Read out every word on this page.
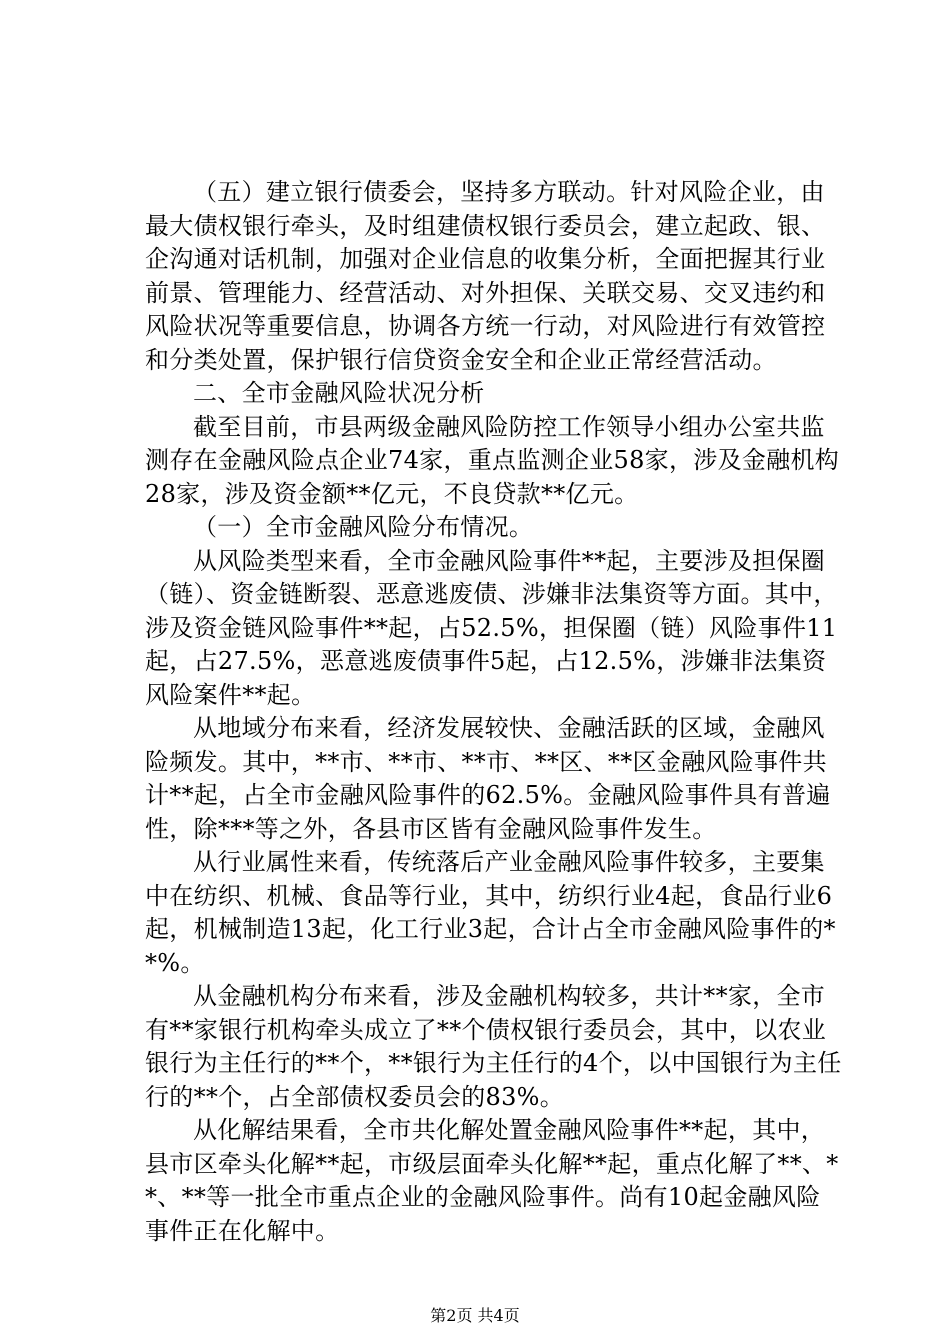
（五）建立银行债委会，坚持多方联动。针对风险企业，由最大债权银行牵头，及时组建债权银行委员会，建立起政、银、企沟通对话机制，加强对企业信息的收集分析，全面把握其行业前景、管理能力、经营活动、对外担保、关联交易、交叉违约和风险状况等重要信息，协调各方统一行动，对风险进行有效管控和分类处置，保护银行信贷资金安全和企业正常经营活动。

二、全市金融风险状况分析

截至目前，市县两级金融风险防控工作领导小组办公室共监测存在金融风险点企业74家，重点监测企业58家，涉及金融机构28家，涉及资金额**亿元，不良贷款**亿元。

（一）全市金融风险分布情况。

从风险类型来看，全市金融风险事件**起，主要涉及担保圈（链）、资金链断裂、恶意逃废债、涉嫌非法集资等方面。其中，涉及资金链风险事件**起，占52.5%，担保圈（链）风险事件11起，占27.5%，恶意逃废债事件5起，占12.5%，涉嫌非法集资风险案件**起。

从地域分布来看，经济发展较快、金融活跃的区域，金融风险频发。其中，**市、**市、**市、**区、**区金融风险事件共计**起，占全市金融风险事件的62.5%。金融风险事件具有普遍性，除***等之外，各县市区皆有金融风险事件发生。

从行业属性来看，传统落后产业金融风险事件较多，主要集中在纺织、机械、食品等行业，其中，纺织行业4起，食品行业6起，机械制造13起，化工行业3起，合计占全市金融风险事件的**%。

从金融机构分布来看，涉及金融机构较多，共计**家，全市有**家银行机构牵头成立了**个债权银行委员会，其中，以农业银行为主任行的**个，**银行为主任行的4个，以中国银行为主任行的**个，占全部债权委员会的83%。

从化解结果看，全市共化解处置金融风险事件**起，其中，县市区牵头化解**起，市级层面牵头化解**起，重点化解了**、**、**等一批全市重点企业的金融风险事件。尚有10起金融风险事件正在化解中。

第2页 共4页
